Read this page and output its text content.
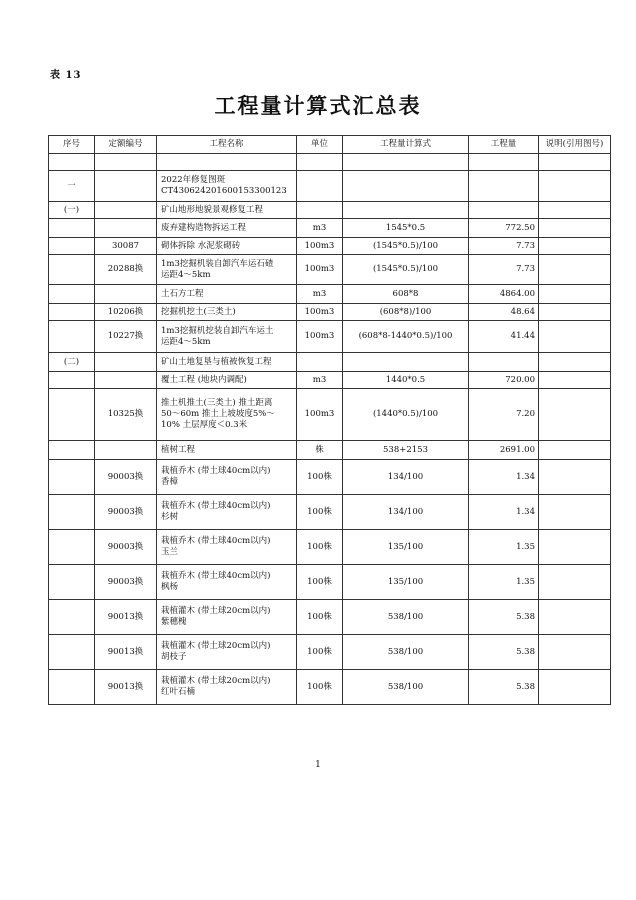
表 13
工程量计算式汇总表
序号	定额编号	工程名称	单位	工程量计算式	工程量	说明(引用图号)

一		2022年修复图斑
CT430624201600153300123				
(一)		矿山地形地貌景观修复工程				
		废弃建构造物拆运工程	m3	1545*0.5	772.50	
	30087	砌体拆除 水泥浆砌砖	100m3	(1545*0.5)/100	7.73	
	20288换	1m3挖掘机装自卸汽车运石碴
运距4～5km	100m3	(1545*0.5)/100	7.73	
		土石方工程	m3	608*8	4864.00	
	10206换	挖掘机挖土(三类土)	100m3	(608*8)/100	48.64	
	10227换	1m3挖掘机挖装自卸汽车运土
运距4～5km	100m3	(608*8-1440*0.5)/100	41.44	
(二)		矿山土地复垦与植被恢复工程				
		覆土工程 (地块内调配)	m3	1440*0.5	720.00	
	10325换	推土机推土(三类土) 推土距离
50～60m 推土上坡坡度5%～
10% 土层厚度＜0.3米	100m3	(1440*0.5)/100	7.20	
		植树工程	株	538+2153	2691.00	
	90003换	栽植乔木 (带土球40cm以内)
香樟	100株	134/100	1.34	
	90003换	栽植乔木 (带土球40cm以内)
杉树	100株	134/100	1.34	
	90003换	栽植乔木 (带土球40cm以内)
玉兰	100株	135/100	1.35	
	90003换	栽植乔木 (带土球40cm以内)
枫杨	100株	135/100	1.35	
	90013换	栽植灌木 (带土球20cm以内)
紫穗槐	100株	538/100	5.38	
	90013换	栽植灌木 (带土球20cm以内)
胡枝子	100株	538/100	5.38	
	90013换	栽植灌木 (带土球20cm以内)
红叶石楠	100株	538/100	5.38	
1
